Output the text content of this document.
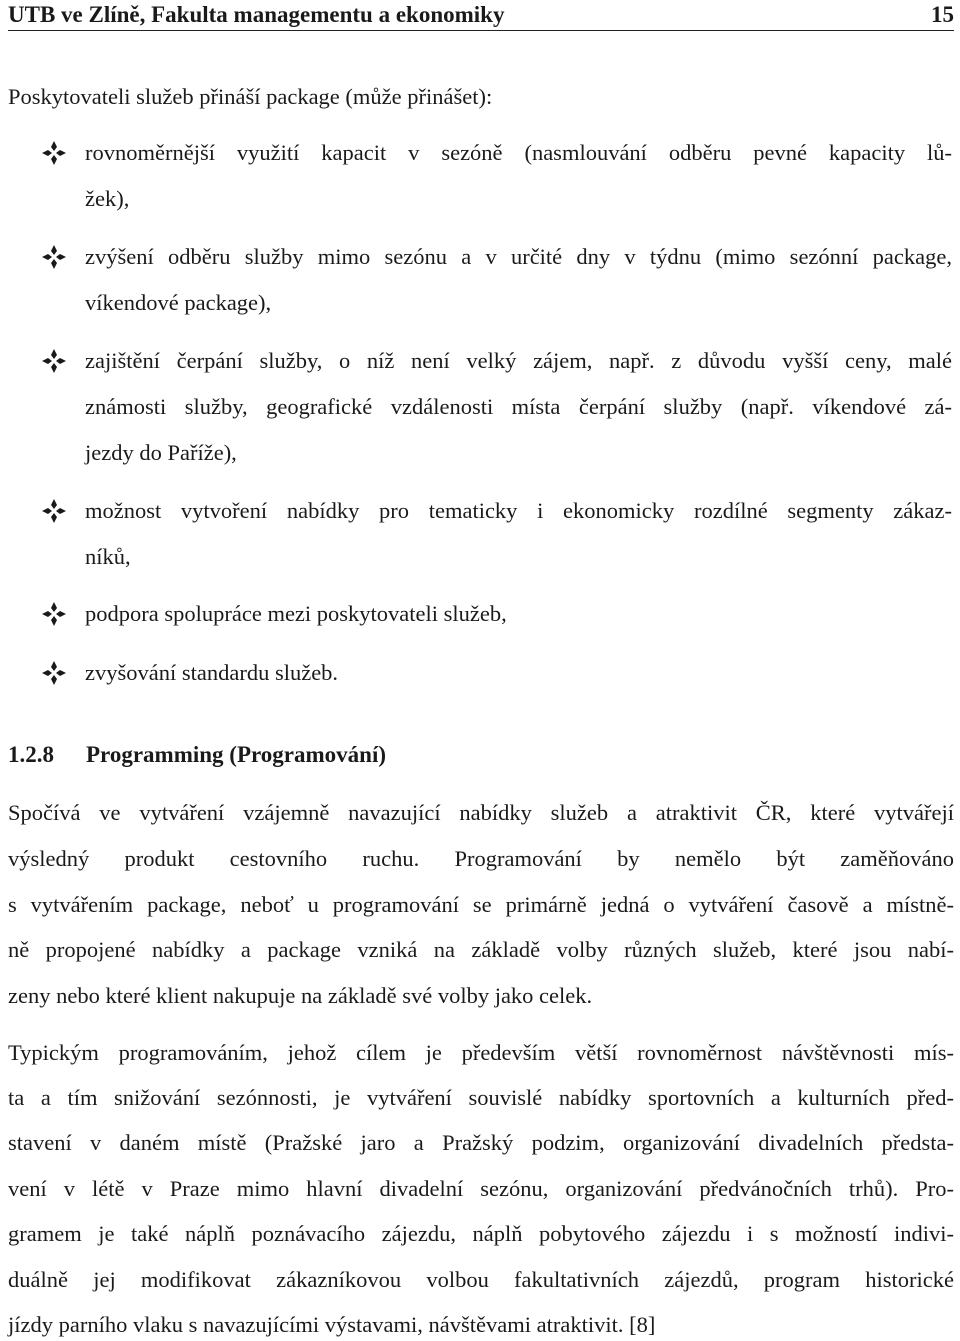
UTB ve Zlíně, Fakulta managementu a ekonomiky	15
Poskytovateli služeb přináší package (může přinášet):
rovnoměrnější využití kapacit v sezóně (nasmlouvání odběru pevné kapacity lů-
žek),
zvýšení odběru služby mimo sezónu a v určité dny v týdnu (mimo sezónní package,
víkendové package),
zajištění čerpání služby, o níž není velký zájem, např. z důvodu vyšší ceny, malé
známosti služby, geografické vzdálenosti místa čerpání služby (např. víkendové zá-
jezdy do Paříže),
možnost vytvoření nabídky pro tematicky i ekonomicky rozdílné segmenty zákaz-
níků,
podpora spolupráce mezi poskytovateli služeb,
zvyšování standardu služeb.
1.2.8 Programming (Programování)
Spočívá ve vytváření vzájemně navazující nabídky služeb a atraktivit ČR, které vytvářejí
výsledný produkt cestovního ruchu. Programování by nemělo být zaměňováno
s vytvářením package, neboť u programování se primárně jedná o vytváření časově a místně-
ně propojené nabídky a package vzniká na základě volby různých služeb, které jsou nabí-
zeny nebo které klient nakupuje na základě své volby jako celek.
Typickým programováním, jehož cílem je především větší rovnoměrnost návštěvnosti mís-
ta a tím snižování sezónnosti, je vytváření souvislé nabídky sportovních a kulturních před-
stavení v daném místě (Pražské jaro a Pražský podzim, organizování divadelních předsta-
vení v létě v Praze mimo hlavní divadelní sezónu, organizování předvánočních trhů). Pro-
gramem je také náplň poznávacího zájezdu, náplň pobytového zájezdu i s možností indivi-
duálně jej modifikovat zákazníkovou volbou fakultativních zájezdů, program historické
jízdy parního vlaku s navazujícími výstavami, návštěvami atraktivit. [8]
